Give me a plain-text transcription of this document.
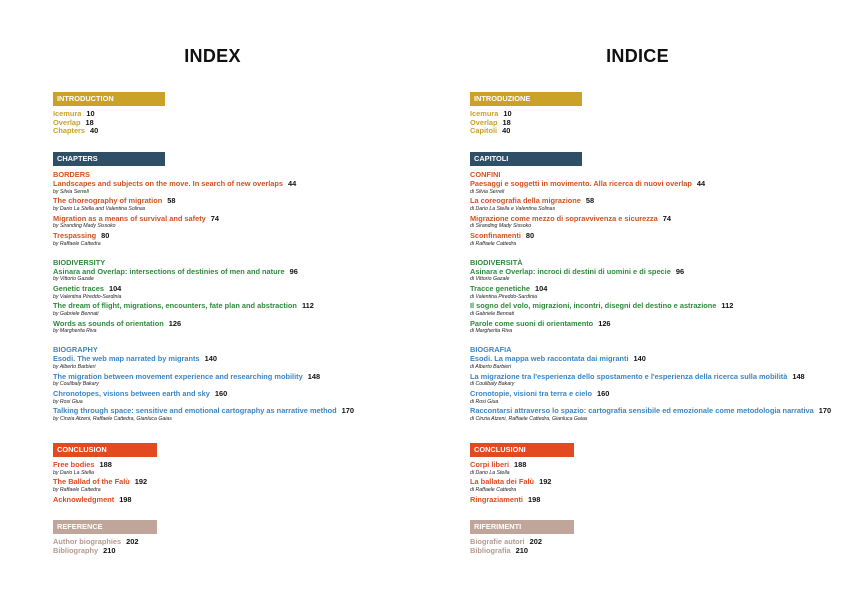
INDEX
INTRODUCTION
Icemura 10
Overlap 18
Chapters 40
CHAPTERS
BORDERS
Landscapes and subjects on the move. In search of new overlaps 44
by Silvia Serreli
The choreography of migration 58
by Dario La Stella and Valentina Solinas
Migration as a means of survival and safety 74
by Siranding Mady Sissoko
Trespassing 80
by Raffaele Cattedra
BIODIVERSITY
Asinara and Overlap: intersections of destinies of men and nature 96
by Vittorio Gazale
Genetic traces 104
by Valentina Pireddo-Sardinia
The dream of flight, migrations, encounters, fate plan and abstraction 112
by Gabriele Bennati
Words as sounds of orientation 126
by Margherita Riva
BIOGRAPHY
Esodi. The web map narrated by migrants 140
by Alberto Barbieri
The migration between movement experience and researching mobility 148
by Coulibaly Bakary
Chronotopes, visions between earth and sky 160
by Rosi Giua
Talking through space: sensitive and emotional cartography as narrative method 170
by Cinzia Atzeni, Raffaele Cattedra, Gianluca Gaias
CONCLUSION
Free bodies 188
by Dario La Stella
The Ballad of the Falù 192
by Raffaele Cattedra
Acknowledgment 198
REFERENCE
Author biographies 202
Bibliography 210
INDICE
INTRODUZIONE
Icemura 10
Overlap 18
Capitoli 40
CAPITOLI
CONFINI
Paesaggi e soggetti in movimento. Alla ricerca di nuovi overlap 44
di Silvia Serreli
La coreografia della migrazione 58
di Dario La Stella e Valentina Solinas
Migrazione come mezzo di sopravvivenza e sicurezza 74
di Siranding Mady Sissoko
Sconfinamenti 80
di Raffaele Cattedra
BIODIVERSITÀ
Asinara e Overlap: incroci di destini di uomini e di specie 96
di Vittorio Gazale
Tracce genetiche 104
di Valentina Pireddo-Sardinia
Il sogno del volo, migrazioni, incontri, disegni del destino e astrazione 112
di Gabriele Bennati
Parole come suoni di orientamento 126
di Margherita Riva
BIOGRAFIA
Esodi. La mappa web raccontata dai migranti 140
di Alberto Barbieri
La migrazione tra l'esperienza dello spostamento e l'esperienza della ricerca sulla mobilità 148
di Coulibaly Bakary
Cronotopie, visioni tra terra e cielo 160
di Rosi Giua
Raccontarsi attraverso lo spazio: cartografia sensibile ed emozionale come metodologia narrativa 170
di Cinzia Atzeni, Raffaele Cattedra, Gianluca Gaias
CONCLUSIONI
Corpi liberi 188
di Dario La Stella
La ballata dei Falù 192
di Raffaele Cattedra
Ringraziamenti 198
RIFERIMENTI
Biografie autori 202
Bibliografia 210
